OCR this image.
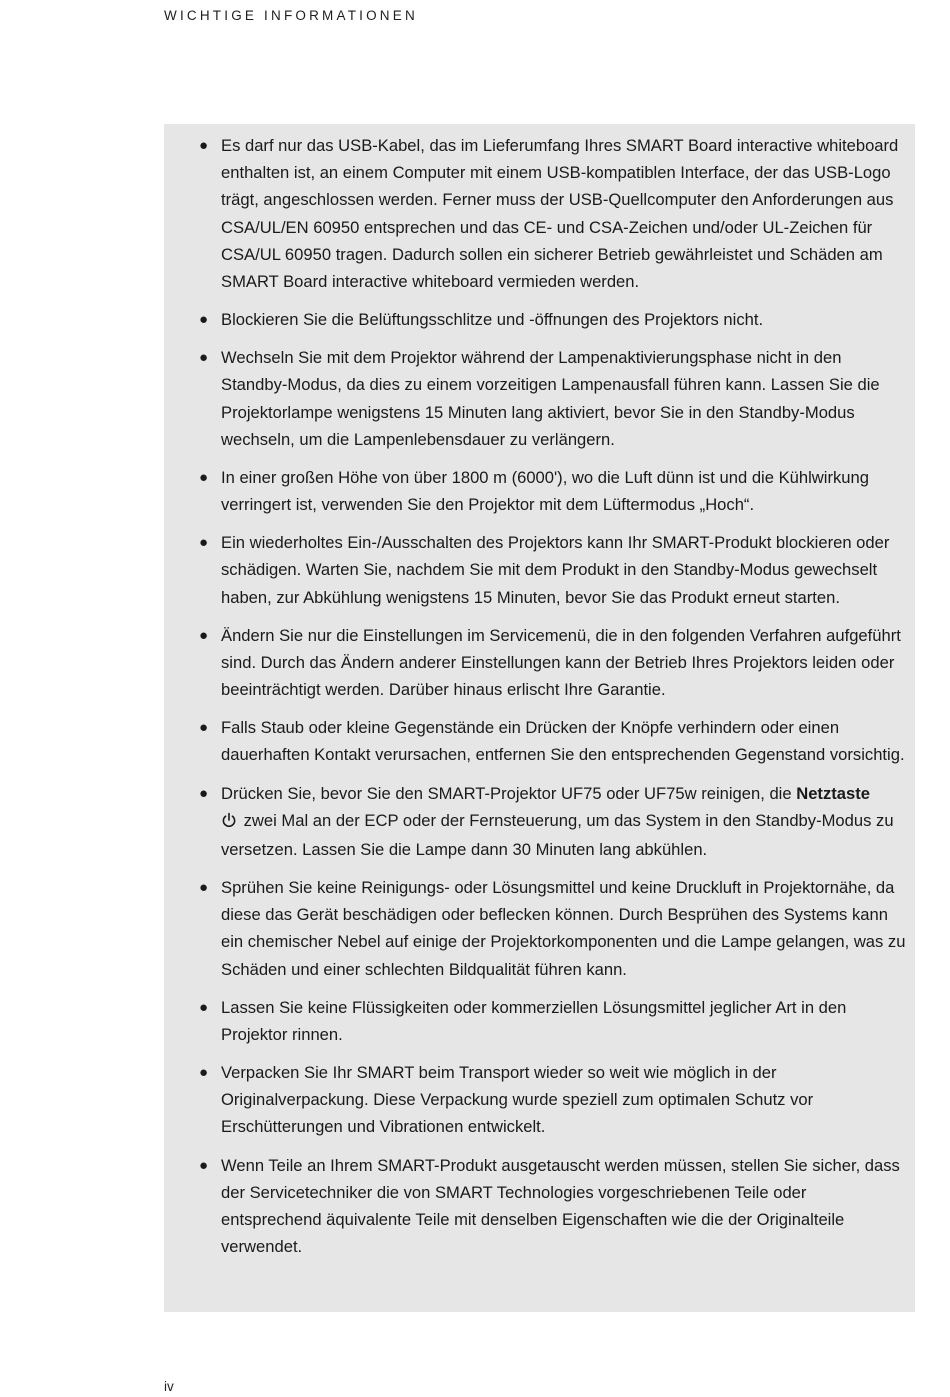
WICHTIGE INFORMATIONEN
● Es darf nur das USB-Kabel, das im Lieferumfang Ihres SMART Board interactive whiteboard enthalten ist, an einem Computer mit einem USB-kompatiblen Interface, der das USB-Logo trägt, angeschlossen werden. Ferner muss der USB-Quellcomputer den Anforderungen aus CSA/UL/EN 60950 entsprechen und das CE- und CSA-Zeichen und/oder UL-Zeichen für CSA/UL 60950 tragen. Dadurch sollen ein sicherer Betrieb gewährleistet und Schäden am SMART Board interactive whiteboard vermieden werden.
● Blockieren Sie die Belüftungsschlitze und -öffnungen des Projektors nicht.
● Wechseln Sie mit dem Projektor während der Lampenaktivierungsphase nicht in den Standby-Modus, da dies zu einem vorzeitigen Lampenausfall führen kann. Lassen Sie die Projektorlampe wenigstens 15 Minuten lang aktiviert, bevor Sie in den Standby-Modus wechseln, um die Lampenlebensdauer zu verlängern.
● In einer großen Höhe von über 1800 m (6000'), wo die Luft dünn ist und die Kühlwirkung verringert ist, verwenden Sie den Projektor mit dem Lüftermodus „Hoch“.
● Ein wiederholtes Ein-/Ausschalten des Projektors kann Ihr SMART-Produkt blockieren oder schädigen. Warten Sie, nachdem Sie mit dem Produkt in den Standby-Modus gewechselt haben, zur Abkühlung wenigstens 15 Minuten, bevor Sie das Produkt erneut starten.
● Ändern Sie nur die Einstellungen im Servicemenü, die in den folgenden Verfahren aufgeführt sind. Durch das Ändern anderer Einstellungen kann der Betrieb Ihres Projektors leiden oder beeinträchtigt werden. Darüber hinaus erlischt Ihre Garantie.
● Falls Staub oder kleine Gegenstände ein Drücken der Knöpfe verhindern oder einen dauerhaften Kontakt verursachen, entfernen Sie den entsprechenden Gegenstand vorsichtig.
● Drücken Sie, bevor Sie den SMART-Projektor UF75 oder UF75w reinigen, die Netztaste
zwei Mal an der ECP oder der Fernsteuerung, um das System in den Standby-Modus zu versetzen. Lassen Sie die Lampe dann 30 Minuten lang abkühlen.
● Sprühen Sie keine Reinigungs- oder Lösungsmittel und keine Druckluft in Projektornähe, da diese das Gerät beschädigen oder beflecken können. Durch Besprühen des Systems kann ein chemischer Nebel auf einige der Projektorkomponenten und die Lampe gelangen, was zu Schäden und einer schlechten Bildqualität führen kann.
● Lassen Sie keine Flüssigkeiten oder kommerziellen Lösungsmittel jeglicher Art in den Projektor rinnen.
● Verpacken Sie Ihr SMART beim Transport wieder so weit wie möglich in der Originalverpackung. Diese Verpackung wurde speziell zum optimalen Schutz vor Erschütterungen und Vibrationen entwickelt.
● Wenn Teile an Ihrem SMART-Produkt ausgetauscht werden müssen, stellen Sie sicher, dass der Servicetechniker die von SMART Technologies vorgeschriebenen Teile oder entsprechend äquivalente Teile mit denselben Eigenschaften wie die der Originalteile verwendet.
iv
